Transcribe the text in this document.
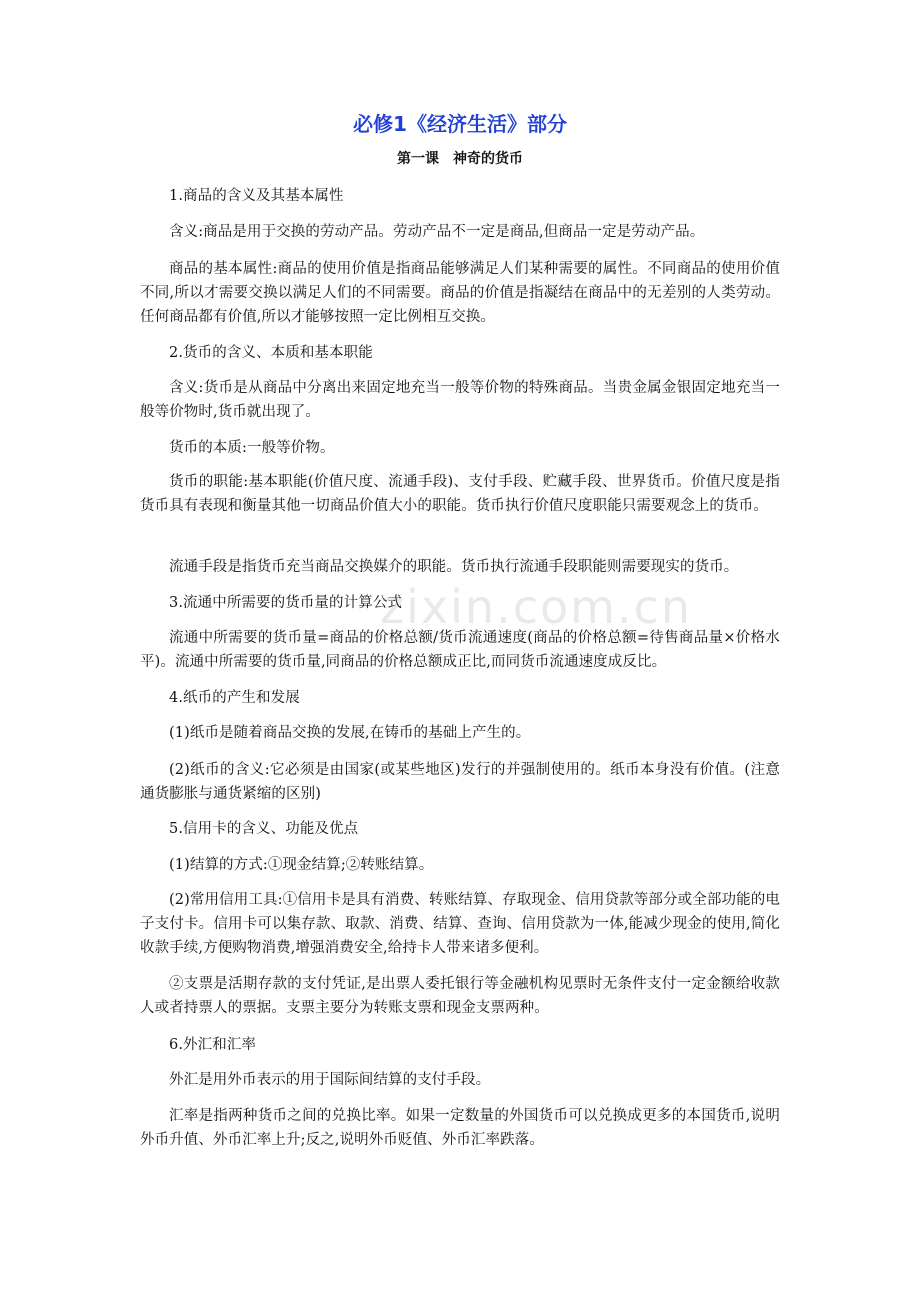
zixin.com.cn
必修1《经济生活》部分
第一课　神奇的货币

1.商品的含义及其基本属性

含义:商品是用于交换的劳动产品。劳动产品不一定是商品,但商品一定是劳动产品。

商品的基本属性:商品的使用价值是指商品能够满足人们某种需要的属性。不同商品的使用价值不同,所以才需要交换以满足人们的不同需要。商品的价值是指凝结在商品中的无差别的人类劳动。任何商品都有价值,所以才能够按照一定比例相互交换。

2.货币的含义、本质和基本职能

含义:货币是从商品中分离出来固定地充当一般等价物的特殊商品。当贵金属金银固定地充当一般等价物时,货币就出现了。

货币的本质:一般等价物。

货币的职能:基本职能(价值尺度、流通手段)、支付手段、贮藏手段、世界货币。价值尺度是指货币具有表现和衡量其他一切商品价值大小的职能。货币执行价值尺度职能只需要观念上的货币。

流通手段是指货币充当商品交换媒介的职能。货币执行流通手段职能则需要现实的货币。

3.流通中所需要的货币量的计算公式

流通中所需要的货币量=商品的价格总额/货币流通速度(商品的价格总额=待售商品量×价格水平)。流通中所需要的货币量,同商品的价格总额成正比,而同货币流通速度成反比。

4.纸币的产生和发展

(1)纸币是随着商品交换的发展,在铸币的基础上产生的。

(2)纸币的含义:它必须是由国家(或某些地区)发行的并强制使用的。纸币本身没有价值。(注意通货膨胀与通货紧缩的区别)

5.信用卡的含义、功能及优点

(1)结算的方式:①现金结算;②转账结算。

(2)常用信用工具:①信用卡是具有消费、转账结算、存取现金、信用贷款等部分或全部功能的电子支付卡。信用卡可以集存款、取款、消费、结算、查询、信用贷款为一体,能减少现金的使用,简化收款手续,方便购物消费,增强消费安全,给持卡人带来诸多便利。

②支票是活期存款的支付凭证,是出票人委托银行等金融机构见票时无条件支付一定金额给收款人或者持票人的票据。支票主要分为转账支票和现金支票两种。

6.外汇和汇率

外汇是用外币表示的用于国际间结算的支付手段。

汇率是指两种货币之间的兑换比率。如果一定数量的外国货币可以兑换成更多的本国货币,说明外币升值、外币汇率上升;反之,说明外币贬值、外币汇率跌落。
